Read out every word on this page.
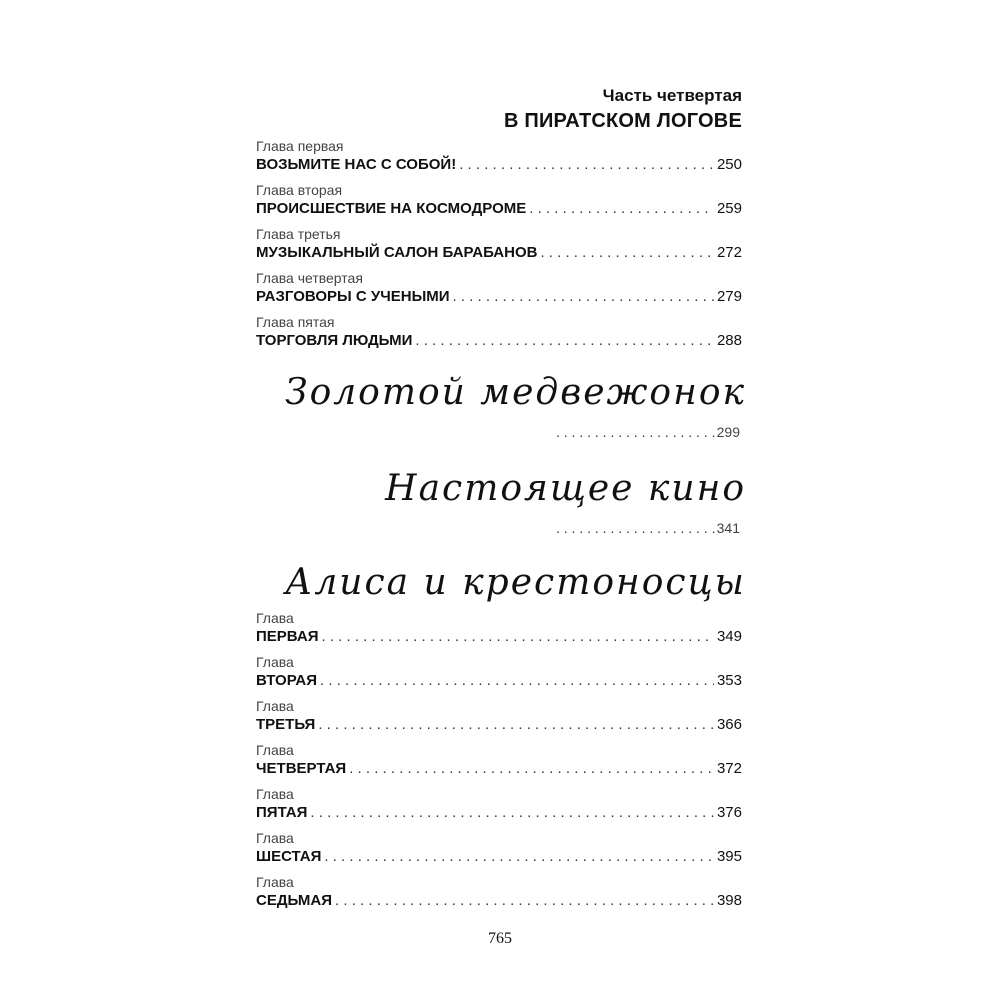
Часть четвертая
В ПИРАТСКОМ ЛОГОВЕ
Глава первая
ВОЗЬМИТЕ НАС С СОБОЙ! . . .	250
Глава вторая
ПРОИСШЕСТВИЕ НА КОСМОДРОМЕ . . .	259
Глава третья
МУЗЫКАЛЬНЫЙ САЛОН БАРАБАНОВ . . .	272
Глава четвертая
РАЗГОВОРЫ С УЧЕНЫМИ . . .	279
Глава пятая
ТОРГОВЛЯ ЛЮДЬМИ . . .	288
Золотой медвежонок
. . .
299
Настоящее кино
. . .
341
Алиса и крестоносцы
Глава
ПЕРВАЯ . . .	349
Глава
ВТОРАЯ . . .	353
Глава
ТРЕТЬЯ . . .	366
Глава
ЧЕТВЕРТАЯ . . .	372
Глава
ПЯТАЯ . . .	376
Глава
ШЕСТАЯ . . .	395
Глава
СЕДЬМАЯ . . .	398
765
